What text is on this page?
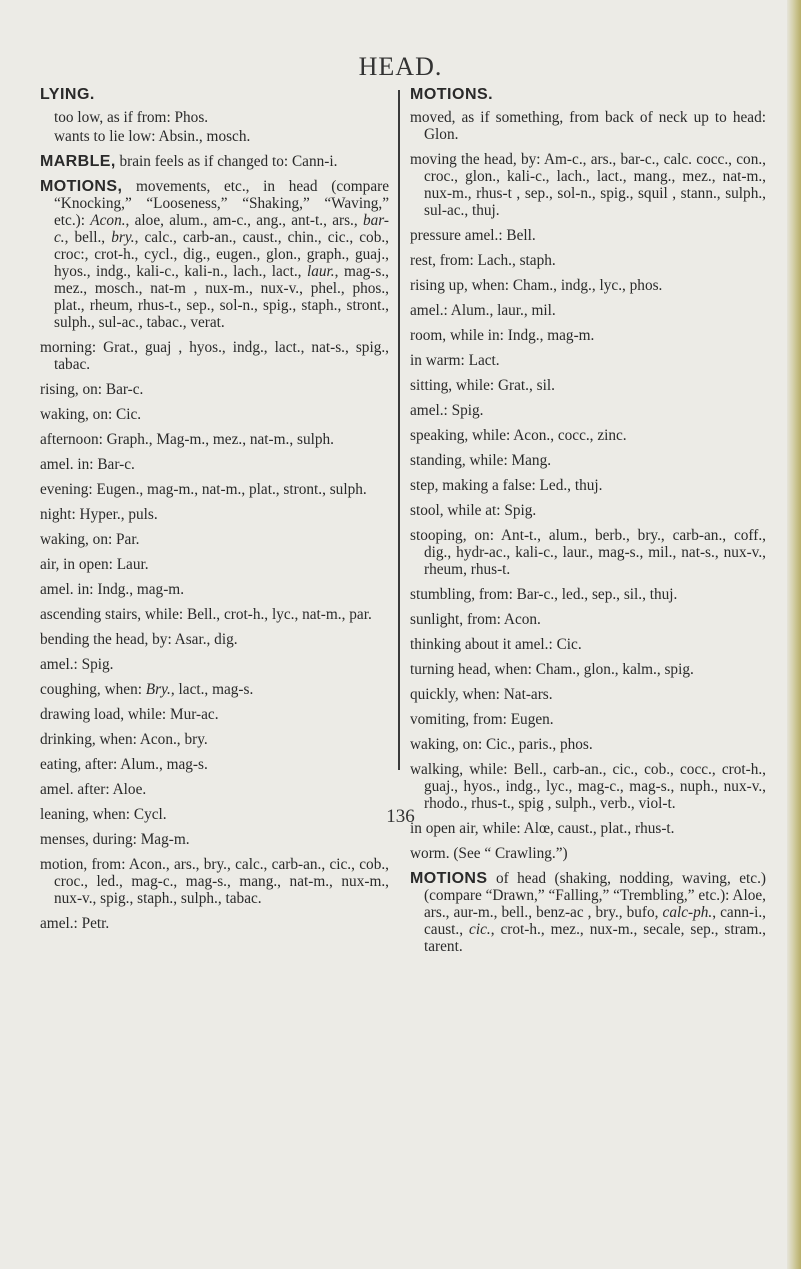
HEAD.
LYING.
too low, as if from: Phos.
wants to lie low: Absin., mosch.
MARBLE, brain feels as if changed to: Cann-i.
MOTIONS, movements, etc., in head (compare “Knocking,” “Looseness,” “Shaking,” “Waving,” etc.): Acon., aloe, alum., am-c., ang., ant-t., ars., bar-c., bell., bry., calc., carb-an., caust., chin., cic., cob., croc:, crot-h., cycl., dig., eugen., glon., graph., guaj., hyos., indg., kali-c., kali-n., lach., lact., laur., mag-s., mez., mosch., nat-m , nux-m., nux-v., phel., phos., plat., rheum, rhus-t., sep., sol-n., spig., staph., stront., sulph., sul-ac., tabac., verat.
morning: Grat., guaj , hyos., indg., lact., nat-s., spig., tabac.
rising, on: Bar-c.
waking, on: Cic.
afternoon: Graph., Mag-m., mez., nat-m., sulph.
amel. in: Bar-c.
evening: Eugen., mag-m., nat-m., plat., stront., sulph.
night: Hyper., puls.
waking, on: Par.
air, in open: Laur.
amel. in: Indg., mag-m.
ascending stairs, while: Bell., crot-h., lyc., nat-m., par.
bending the head, by: Asar., dig.
amel.: Spig.
coughing, when: Bry., lact., mag-s.
drawing load, while: Mur-ac.
drinking, when: Acon., bry.
eating, after: Alum., mag-s.
amel. after: Aloe.
leaning, when: Cycl.
menses, during: Mag-m.
motion, from: Acon., ars., bry., calc., carb-an., cic., cob., croc., led., mag-c., mag-s., mang., nat-m., nux-m., nux-v., spig., staph., sulph., tabac.
amel.: Petr.
MOTIONS.
moved, as if something, from back of neck up to head: Glon.
moving the head, by: Am-c., ars., bar-c., calc. cocc., con., croc., glon., kali-c., lach., lact., mang., mez., nat-m., nux-m., rhus-t , sep., sol-n., spig., squil , stann., sulph., sul-ac., thuj.
pressure amel.: Bell.
rest, from: Lach., staph.
rising up, when: Cham., indg., lyc., phos.
amel.: Alum., laur., mil.
room, while in: Indg., mag-m.
in warm: Lact.
sitting, while: Grat., sil.
amel.: Spig.
speaking, while: Acon., cocc., zinc.
standing, while: Mang.
step, making a false: Led., thuj.
stool, while at: Spig.
stooping, on: Ant-t., alum., berb., bry., carb-an., coff., dig., hydr-ac., kali-c., laur., mag-s., mil., nat-s., nux-v., rheum, rhus-t.
stumbling, from: Bar-c., led., sep., sil., thuj.
sunlight, from: Acon.
thinking about it amel.: Cic.
turning head, when: Cham., glon., kalm., spig.
quickly, when: Nat-ars.
vomiting, from: Eugen.
waking, on: Cic., paris., phos.
walking, while: Bell., carb-an., cic., cob., cocc., crot-h., guaj., hyos., indg., lyc., mag-c., mag-s., nuph., nux-v., rhodo., rhus-t., spig , sulph., verb., viol-t.
in open air, while: Alœ, caust., plat., rhus-t.
worm. (See “ Crawling.”)
MOTIONS of head (shaking, nodding, waving, etc.) (compare “Drawn,” “Falling,” “Trembling,” etc.): Aloe, ars., aur-m., bell., benz-ac , bry., bufo, calc-ph., cann-i., caust., cic., crot-h., mez., nux-m., secale, sep., stram., tarent.
136
